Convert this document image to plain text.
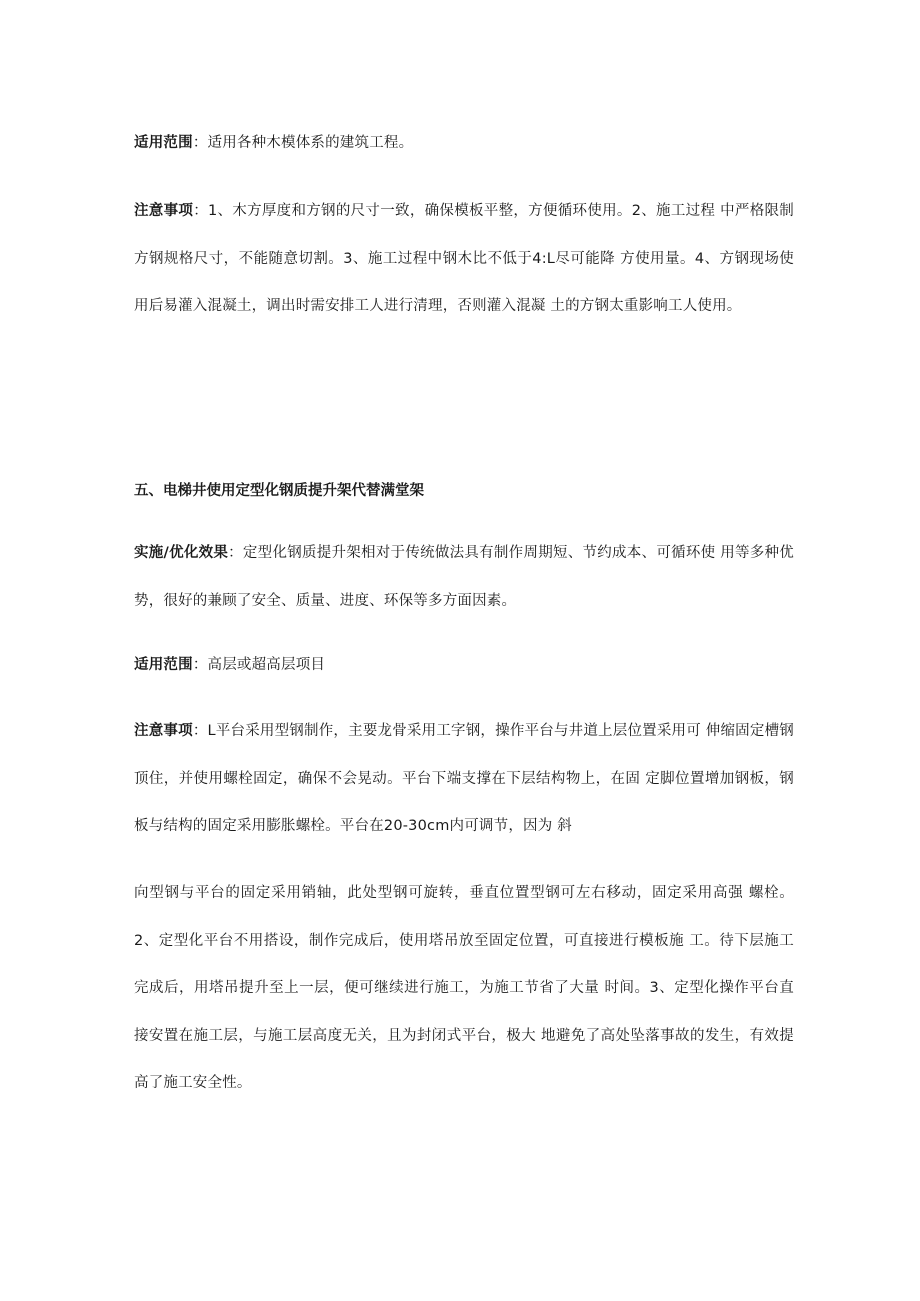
适用范围：适用各种木模体系的建筑工程。

注意事项：1、木方厚度和方钢的尺寸一致，确保模板平整，方便循环使用。2、施工过程 中严格限制方钢规格尺寸，不能随意切割。3、施工过程中钢木比不低于4:L尽可能降 方使用量。4、方钢现场使用后易灌入混凝土，调出时需安排工人进行清理，否则灌入混凝 土的方钢太重影响工人使用。

五、电梯井使用定型化钢质提升架代替满堂架

实施/优化效果：定型化钢质提升架相对于传统做法具有制作周期短、节约成本、可循环使 用等多种优势，很好的兼顾了安全、质量、进度、环保等多方面因素。

适用范围：高层或超高层项目

注意事项：L平台采用型钢制作，主要龙骨采用工字钢，操作平台与井道上层位置采用可 伸缩固定槽钢顶住，并使用螺栓固定，确保不会晃动。平台下端支撑在下层结构物上，在固 定脚位置增加钢板，钢板与结构的固定采用膨胀螺栓。平台在20-30cm内可调节，因为 斜

向型钢与平台的固定采用销轴，此处型钢可旋转，垂直位置型钢可左右移动，固定采用高强 螺栓。2、定型化平台不用搭设，制作完成后，使用塔吊放至固定位置，可直接进行模板施 工。待下层施工完成后，用塔吊提升至上一层，便可继续进行施工，为施工节省了大量 时间。3、定型化操作平台直接安置在施工层，与施工层高度无关，且为封闭式平台，极大 地避免了高处坠落事故的发生，有效提高了施工安全性。
